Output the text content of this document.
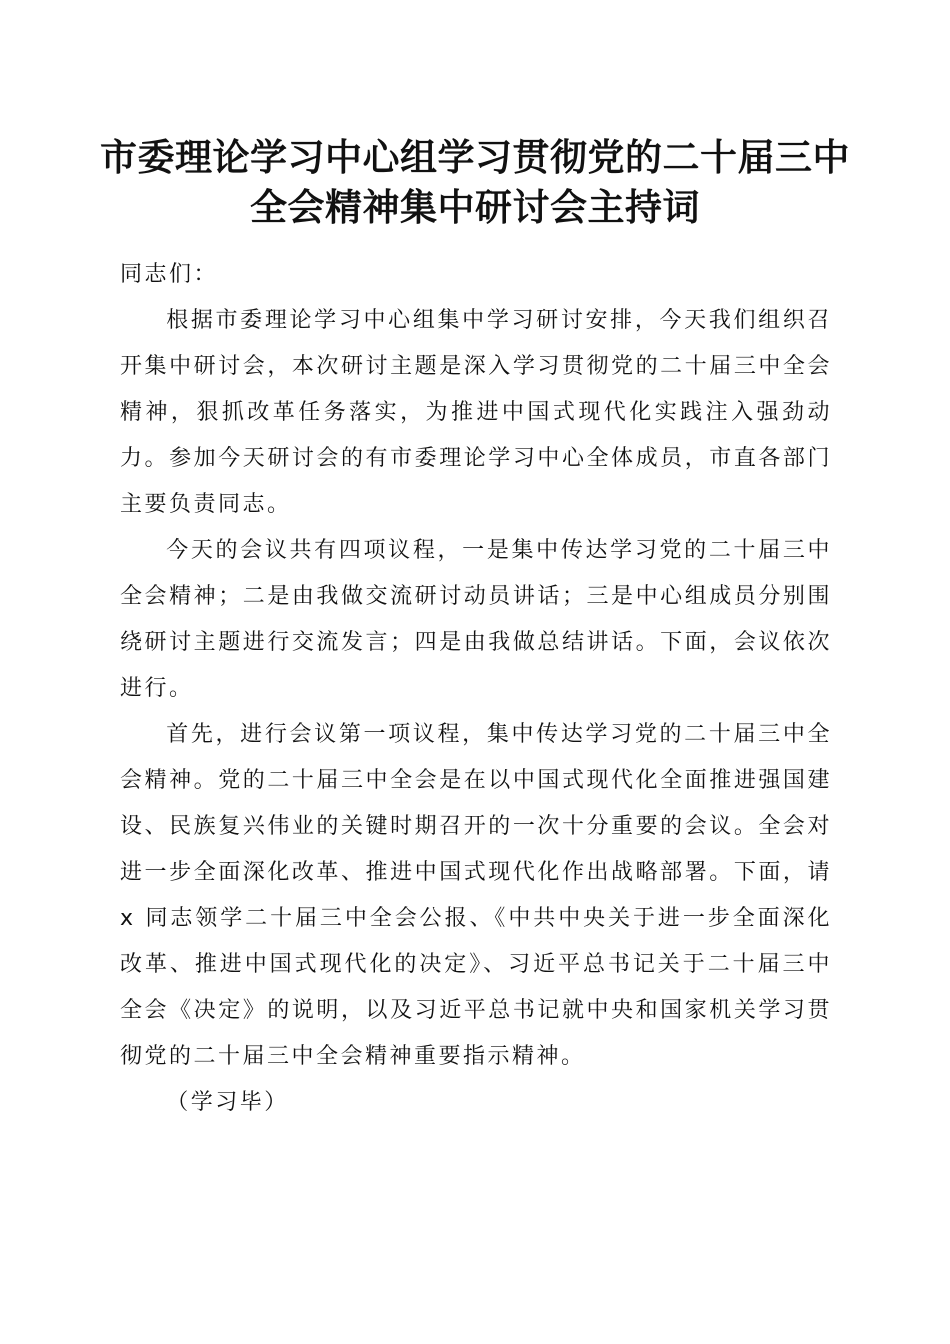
市委理论学习中心组学习贯彻党的二十届三中
全会精神集中研讨会主持词

同志们：

根据市委理论学习中心组集中学习研讨安排，今天我们组织召开集中研讨会，本次研讨主题是深入学习贯彻党的二十届三中全会精神，狠抓改革任务落实，为推进中国式现代化实践注入强劲动力。参加今天研讨会的有市委理论学习中心全体成员，市直各部门主要负责同志。

今天的会议共有四项议程，一是集中传达学习党的二十届三中全会精神；二是由我做交流研讨动员讲话；三是中心组成员分别围绕研讨主题进行交流发言；四是由我做总结讲话。下面，会议依次进行。

首先，进行会议第一项议程，集中传达学习党的二十届三中全会精神。党的二十届三中全会是在以中国式现代化全面推进强国建设、民族复兴伟业的关键时期召开的一次十分重要的会议。全会对进一步全面深化改革、推进中国式现代化作出战略部署。下面，请 x 同志领学二十届三中全会公报、《中共中央关于进一步全面深化改革、推进中国式现代化的决定》、习近平总书记关于二十届三中全会《决定》的说明，以及习近平总书记就中央和国家机关学习贯彻党的二十届三中全会精神重要指示精神。

（学习毕）
